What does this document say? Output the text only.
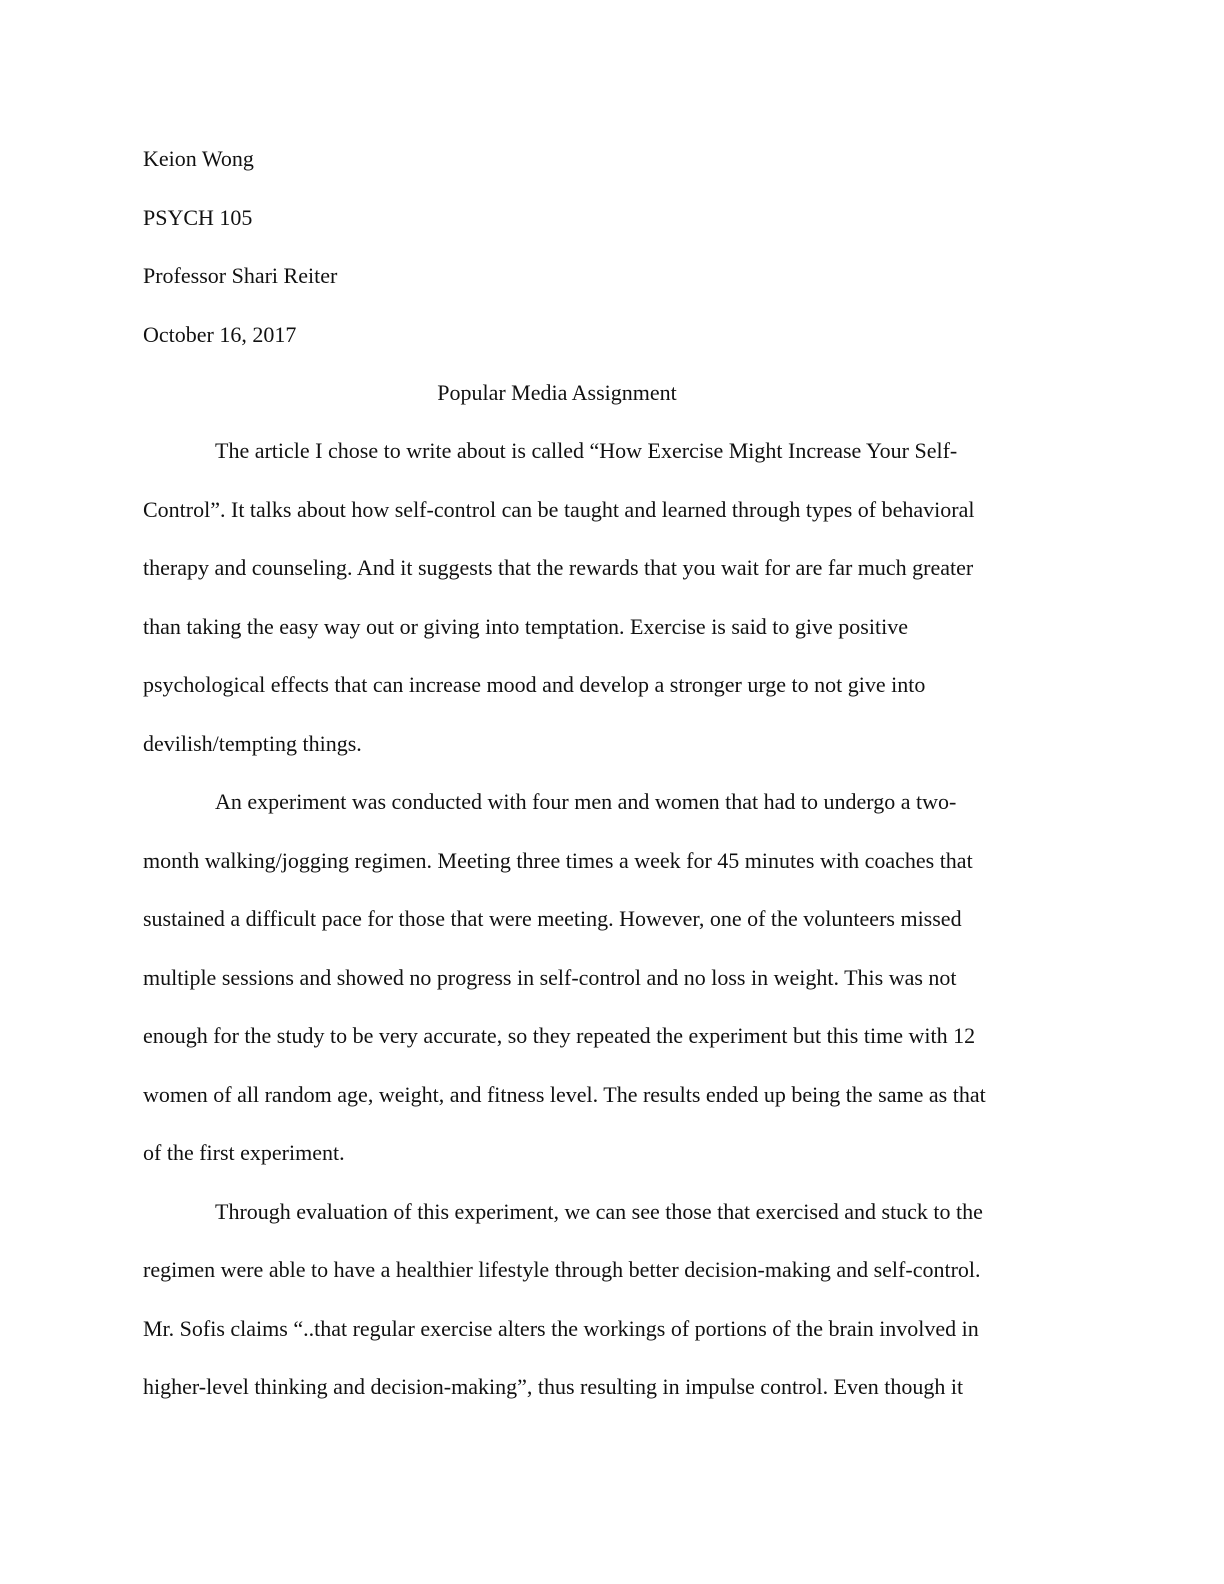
Keion Wong
PSYCH 105
Professor Shari Reiter
October 16, 2017
Popular Media Assignment
The article I chose to write about is called “How Exercise Might Increase Your Self-
Control”. It talks about how self-control can be taught and learned through types of behavioral
therapy and counseling. And it suggests that the rewards that you wait for are far much greater
than taking the easy way out or giving into temptation. Exercise is said to give positive
psychological effects that can increase mood and develop a stronger urge to not give into
devilish/tempting things.
An experiment was conducted with four men and women that had to undergo a two-
month walking/jogging regimen. Meeting three times a week for 45 minutes with coaches that
sustained a difficult pace for those that were meeting. However, one of the volunteers missed
multiple sessions and showed no progress in self-control and no loss in weight. This was not
enough for the study to be very accurate, so they repeated the experiment but this time with 12
women of all random age, weight, and fitness level. The results ended up being the same as that
of the first experiment.
Through evaluation of this experiment, we can see those that exercised and stuck to the
regimen were able to have a healthier lifestyle through better decision-making and self-control.
Mr. Sofis claims “..that regular exercise alters the workings of portions of the brain involved in
higher-level thinking and decision-making”, thus resulting in impulse control. Even though it
